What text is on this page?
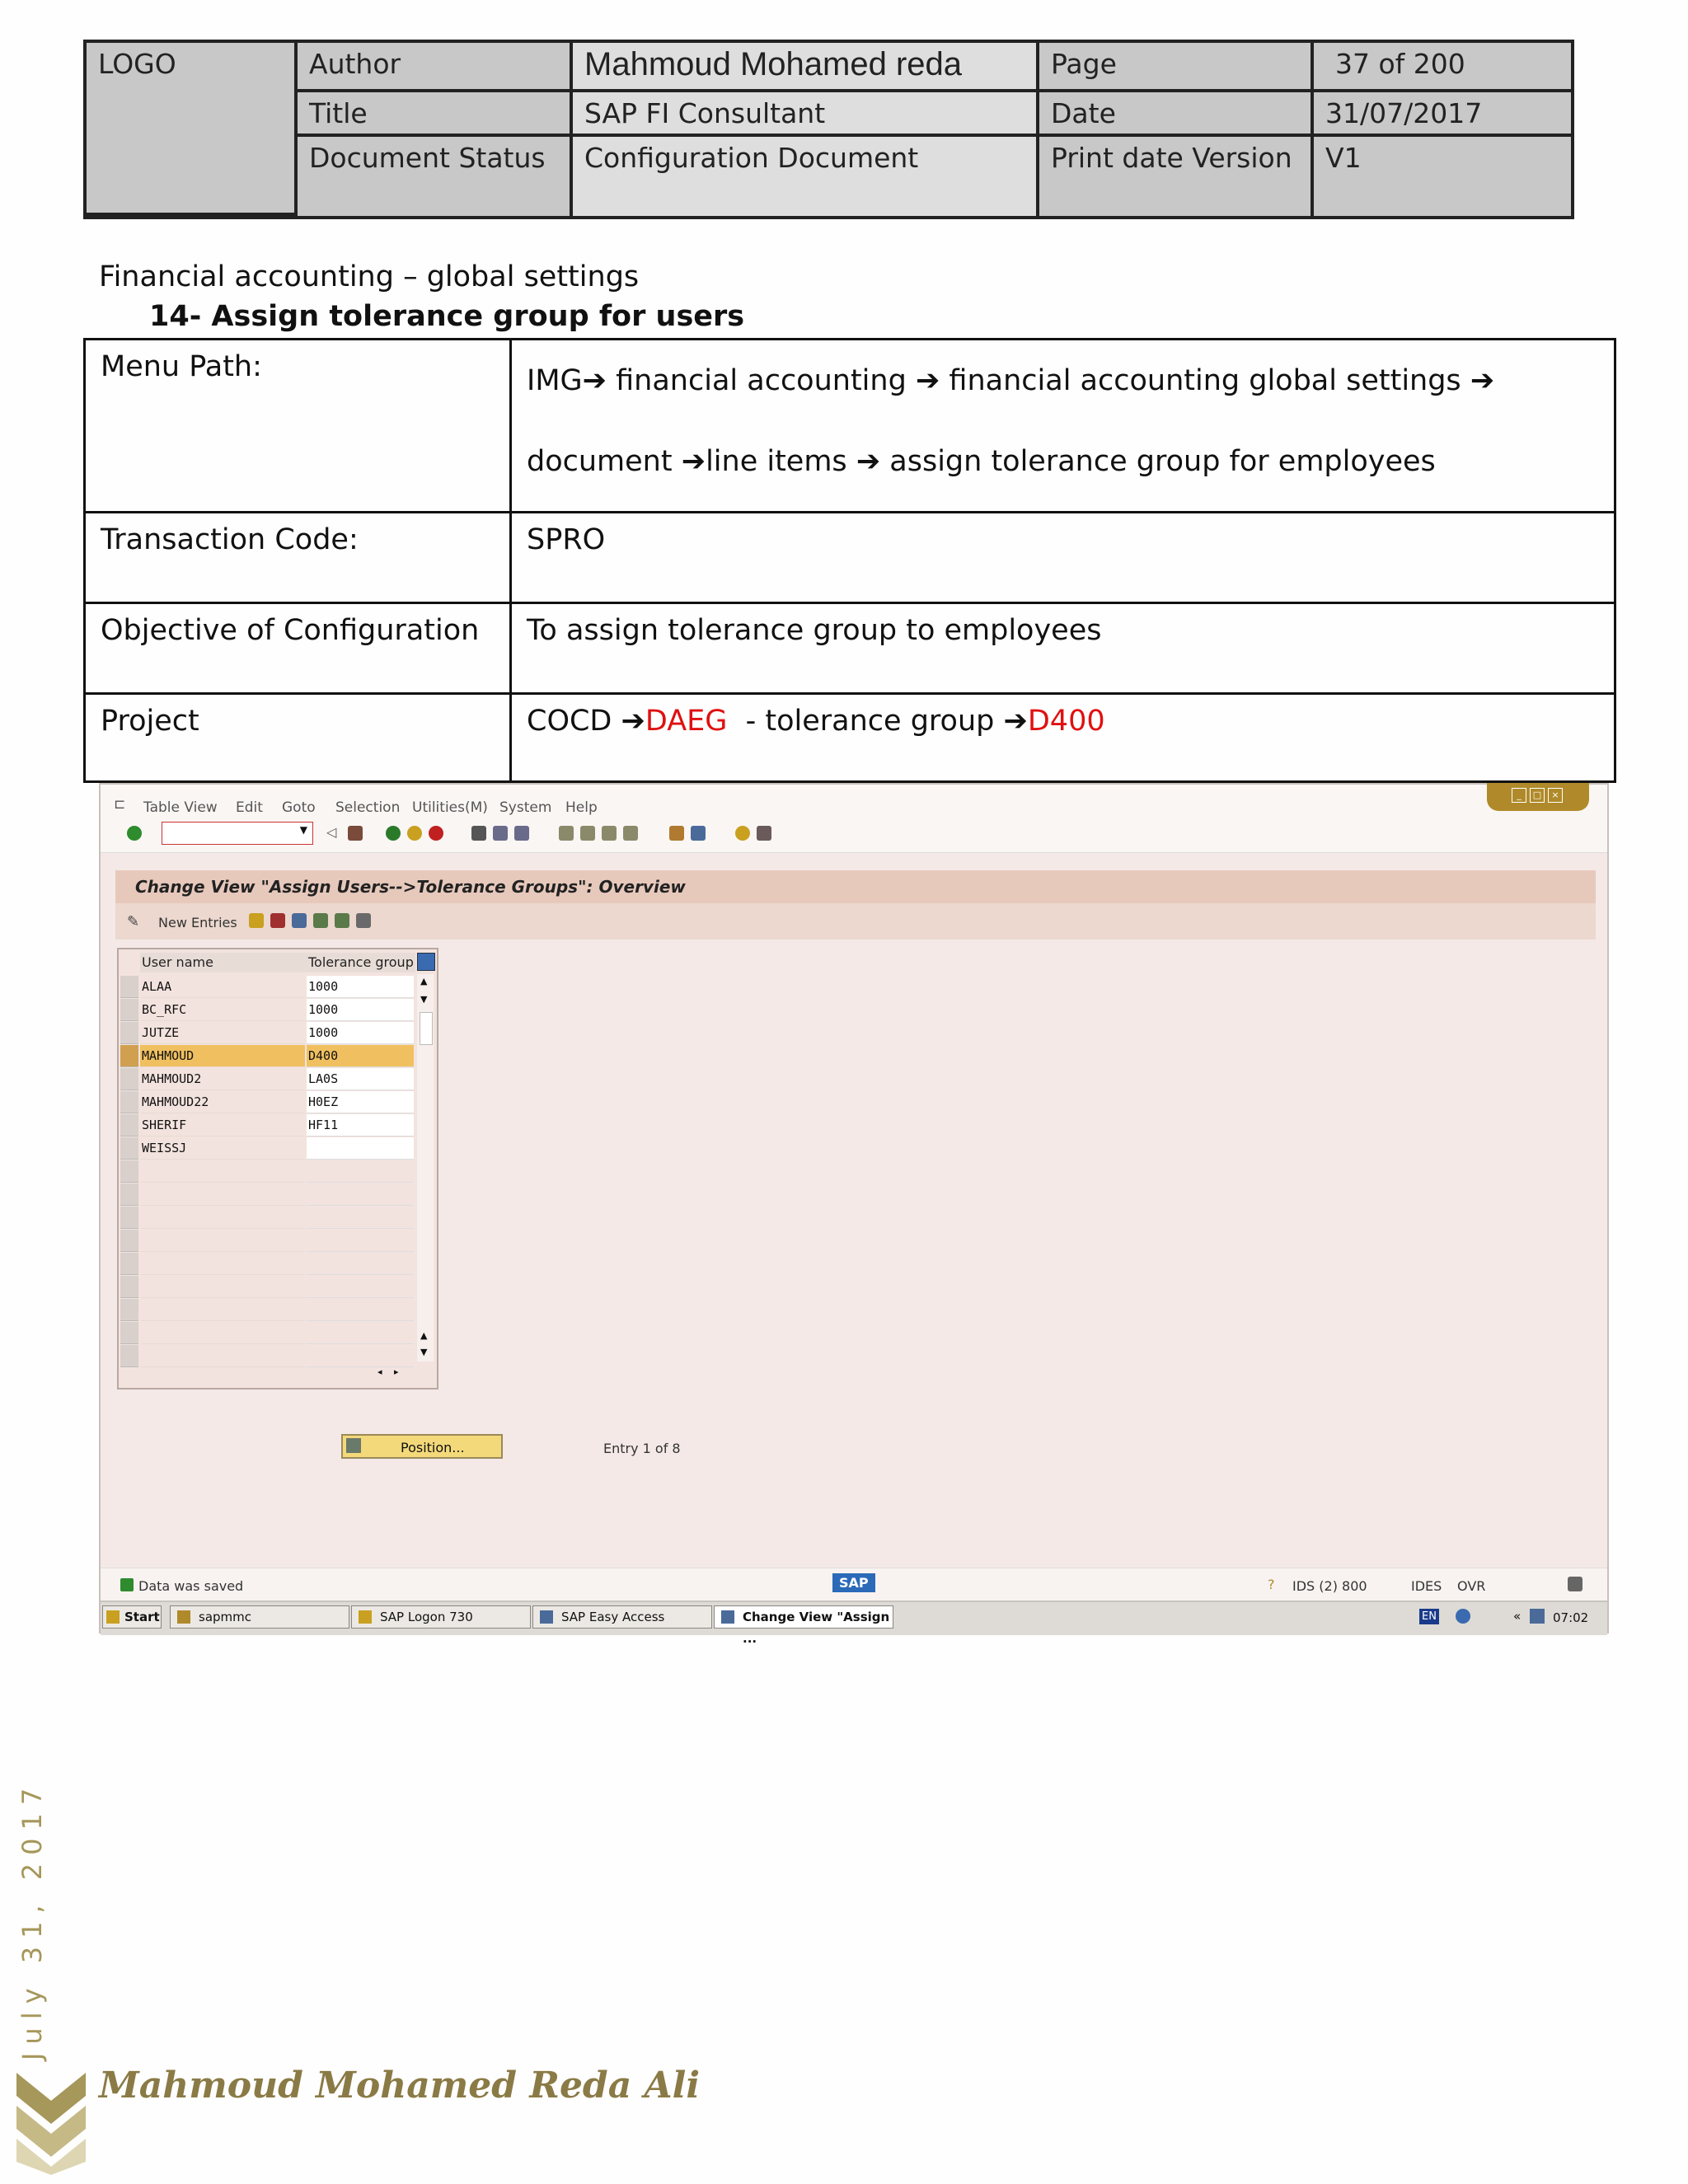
LOGO	Author	Mahmoud Mohamed reda	Page	37 of 200
Title	SAP FI Consultant	Date	31/07/2017
Document Status	Configuration Document	Print date Version	V1
Financial accounting – global settings
14- Assign tolerance group for users
Menu Path:	IMG➔ financial accounting ➔ financial accounting global settings ➔
document ➔line items ➔ assign tolerance group for employees
Transaction Code:	SPRO
Objective of Configuration	To assign tolerance group to employees
Project	COCD ➔DAEG - tolerance group ➔D400
⊏ Table View Edit Goto Selection Utilities(M) System Help
_	□	×
▼ ◁
Change View "Assign Users-->Tolerance Groups": Overview
✎ New Entries
User name	Tolerance group
ALAA	1000
BC_RFC	1000
JUTZE	1000
MAHMOUD	D400
MAHMOUD2	LA0S
MAHMOUD22	H0EZ
SHERIF	HF11
WEISSJ
▲
▼
▲
▼
◂ ▸
Position...	Entry 1 of 8
Data was saved	SAP	? IDS (2) 800	IDES OVR
Start	sapmmc	SAP Logon 730	SAP Easy Access	Change View "Assign ...
EN	«	07:02
July 31, 2017
Mahmoud Mohamed Reda Ali
